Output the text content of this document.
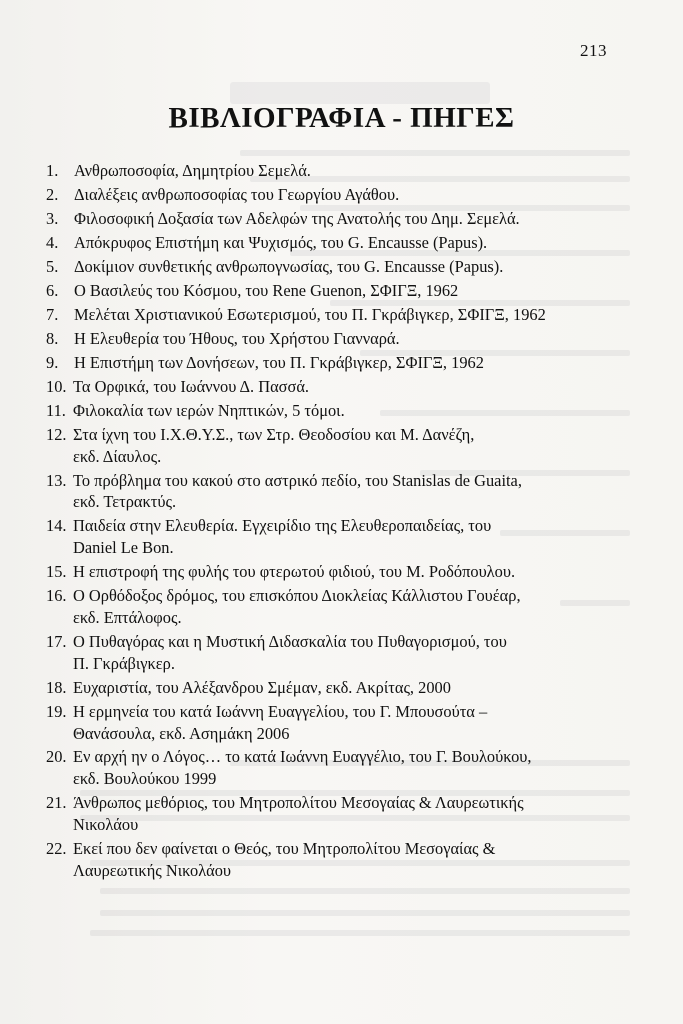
213
ΒΙΒΛΙΟΓΡΑΦΙΑ - ΠΗΓΕΣ
1. Ανθρωποσοφία, Δημητρίου Σεμελά.
2. Διαλέξεις ανθρωποσοφίας του Γεωργίου Αγάθου.
3. Φιλοσοφική Δοξασία των Αδελφών της Ανατολής του Δημ. Σεμελά.
4. Απόκρυφος Επιστήμη και Ψυχισμός, του G. Encausse (Papus).
5. Δοκίμιον συνθετικής ανθρωπογνωσίας, του G. Encausse (Papus).
6. Ο Βασιλεύς του Κόσμου, του Rene Guenon, ΣΦΙΓΞ, 1962
7. Μελέται Χριστιανικού Εσωτερισμού, του Π. Γκράβιγκερ, ΣΦΙΓΞ, 1962
8. Η Ελευθερία του Ήθους, του Χρήστου Γιανναρά.
9. Η Επιστήμη των Δονήσεων, του Π. Γκράβιγκερ, ΣΦΙΓΞ, 1962
10. Τα Ορφικά, του Ιωάννου Δ. Πασσά.
11. Φιλοκαλία των ιερών Νηπτικών, 5 τόμοι.
12. Στα ίχνη του Ι.Χ.Θ.Υ.Σ., των Στρ. Θεοδοσίου και Μ. Δανέζη,
εκδ. Δίαυλος.
13. Το πρόβλημα του κακού στο αστρικό πεδίο, του Stanislas de Guaita,
εκδ. Τετρακτύς.
14. Παιδεία στην Ελευθερία. Εγχειρίδιο της Ελευθεροπαιδείας, του
Daniel Le Bon.
15. Η επιστροφή της φυλής του φτερωτού φιδιού, του Μ. Ροδόπουλου.
16. Ο Ορθόδοξος δρόμος, του επισκόπου Διοκλείας Κάλλιστου Γουέαρ,
εκδ. Επτάλοφος.
17. Ο Πυθαγόρας και η Μυστική Διδασκαλία του Πυθαγορισμού, του
Π. Γκράβιγκερ.
18. Ευχαριστία, του Αλέξανδρου Σμέμαν, εκδ. Ακρίτας, 2000
19. Η ερμηνεία του κατά Ιωάννη Ευαγγελίου, του Γ. Μπουσούτα –
Θανάσουλα, εκδ. Ασημάκη 2006
20. Εν αρχή ην ο Λόγος… το κατά Ιωάννη Ευαγγέλιο, του Γ. Βουλούκου,
εκδ. Βουλούκου 1999
21. Άνθρωπος μεθόριος, του Μητροπολίτου Μεσογαίας & Λαυρεωτικής
Νικολάου
22. Εκεί που δεν φαίνεται ο Θεός, του Μητροπολίτου Μεσογαίας &
Λαυρεωτικής Νικολάου
